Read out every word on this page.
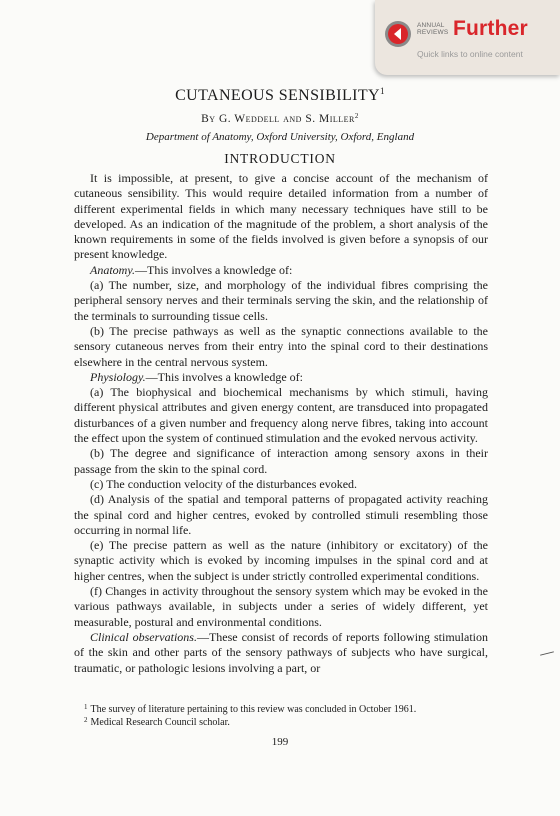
ANNUAL
REVIEWS Further
Quick links to online content
CUTANEOUS SENSIBILITY$^1$
By G. Weddell and S. Miller$^2$
Department of Anatomy, Oxford University, Oxford, England
INTRODUCTION

It is impossible, at present, to give a concise account of the mechanism of cutaneous sensibility. This would require detailed information from a number of different experimental fields in which many necessary techniques have still to be developed. As an indication of the magnitude of the problem, a short analysis of the known requirements in some of the fields involved is given before a synopsis of our present knowledge.

Anatomy.—This involves a knowledge of:

(a) The number, size, and morphology of the individual fibres comprising the peripheral sensory nerves and their terminals serving the skin, and the relationship of the terminals to surrounding tissue cells.

(b) The precise pathways as well as the synaptic connections available to the sensory cutaneous nerves from their entry into the spinal cord to their destinations elsewhere in the central nervous system.

Physiology.—This involves a knowledge of:

(a) The biophysical and biochemical mechanisms by which stimuli, having different physical attributes and given energy content, are transduced into propagated disturbances of a given number and frequency along nerve fibres, taking into account the effect upon the system of continued stimulation and the evoked nervous activity.

(b) The degree and significance of interaction among sensory axons in their passage from the skin to the spinal cord.

(c) The conduction velocity of the disturbances evoked.

(d) Analysis of the spatial and temporal patterns of propagated activity reaching the spinal cord and higher centres, evoked by controlled stimuli resembling those occurring in normal life.

(e) The precise pattern as well as the nature (inhibitory or excitatory) of the synaptic activity which is evoked by incoming impulses in the spinal cord and at higher centres, when the subject is under strictly controlled experimental conditions.

(f) Changes in activity throughout the sensory system which may be evoked in the various pathways available, in subjects under a series of widely different, yet measurable, postural and environmental conditions.

Clinical observations.—These consist of records of reports following stimulation of the skin and other parts of the sensory pathways of subjects who have surgical, traumatic, or pathologic lesions involving a part, or

$^1$ The survey of literature pertaining to this review was concluded in October 1961.
$^2$ Medical Research Council scholar.
199
